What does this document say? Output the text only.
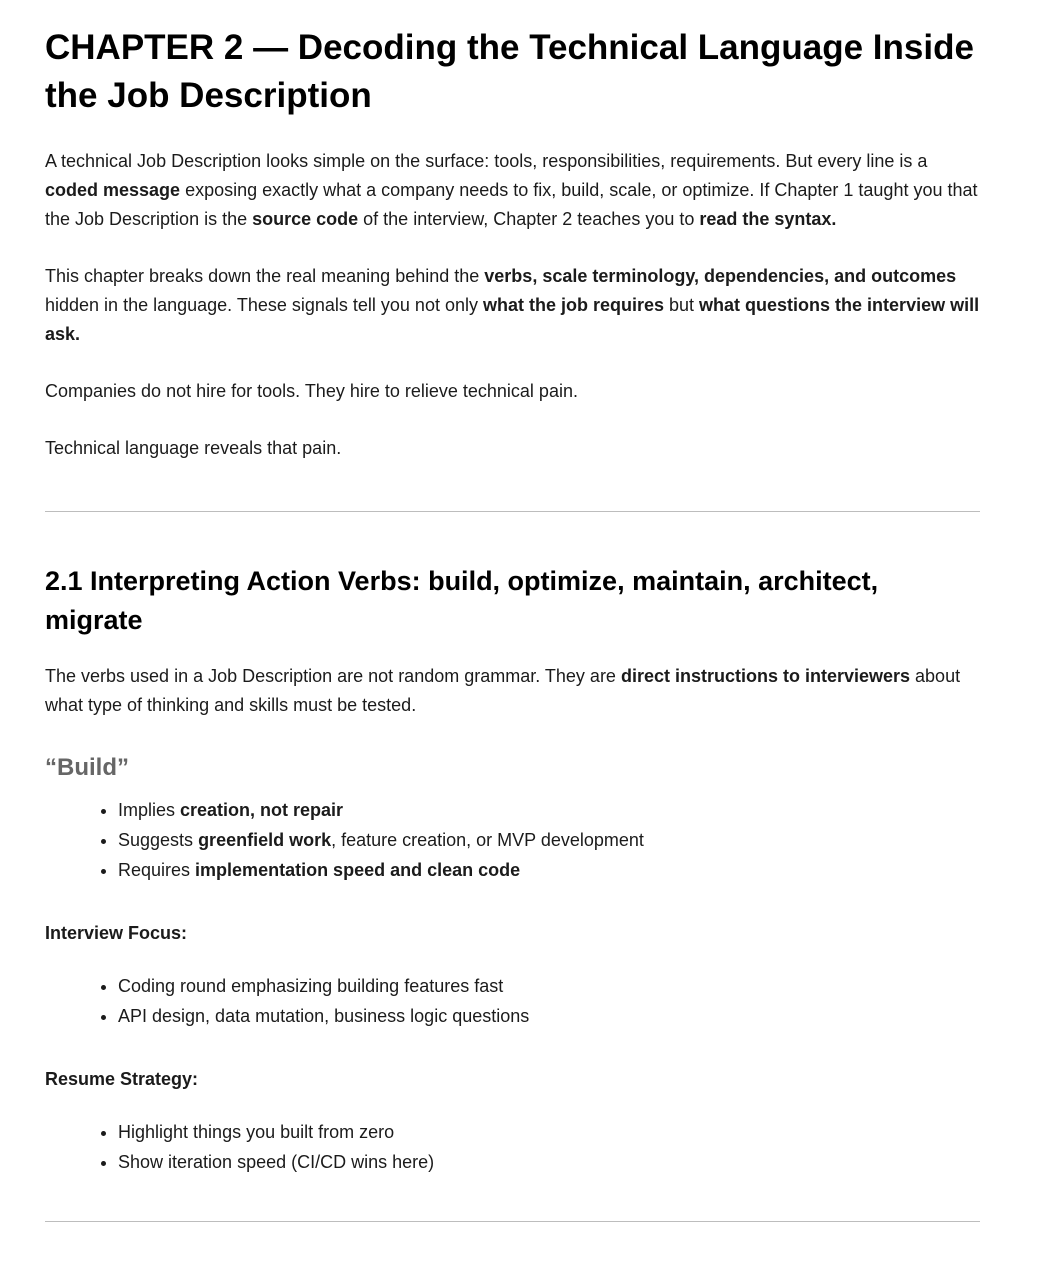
CHAPTER 2 — Decoding the Technical Language Inside the Job Description

A technical Job Description looks simple on the surface: tools, responsibilities, requirements. But every line is a coded message exposing exactly what a company needs to fix, build, scale, or optimize. If Chapter 1 taught you that the Job Description is the source code of the interview, Chapter 2 teaches you to read the syntax.

This chapter breaks down the real meaning behind the verbs, scale terminology, dependencies, and outcomes hidden in the language. These signals tell you not only what the job requires but what questions the interview will ask.

Companies do not hire for tools. They hire to relieve technical pain.

Technical language reveals that pain.

2.1 Interpreting Action Verbs: build, optimize, maintain, architect, migrate

The verbs used in a Job Description are not random grammar. They are direct instructions to interviewers about what type of thinking and skills must be tested.

“Build”
• Implies creation, not repair
• Suggests greenfield work, feature creation, or MVP development
• Requires implementation speed and clean code

Interview Focus:

• Coding round emphasizing building features fast
• API design, data mutation, business logic questions

Resume Strategy:

• Highlight things you built from zero
• Show iteration speed (CI/CD wins here)
